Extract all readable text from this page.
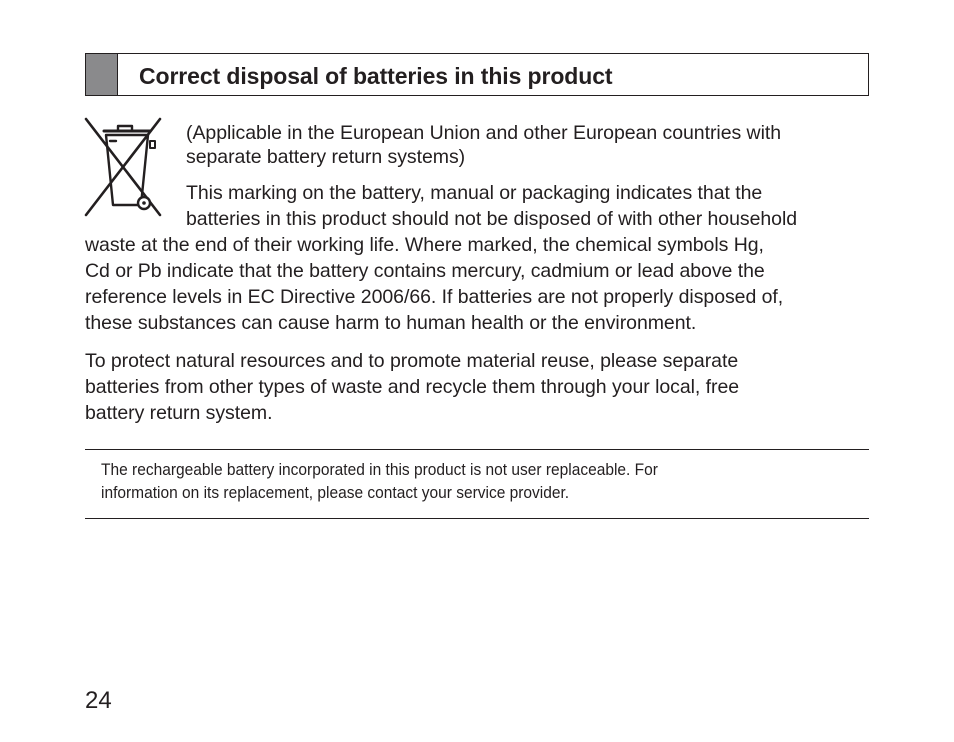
Correct disposal of batteries in this product
(Applicable in the European Union and other European countries with
separate battery return systems)
This marking on the battery, manual or packaging indicates that the
batteries in this product should not be disposed of with other household
waste at the end of their working life. Where marked, the chemical symbols Hg,
Cd or Pb indicate that the battery contains mercury, cadmium or lead above the
reference levels in EC Directive 2006/66. If batteries are not properly disposed of,
these substances can cause harm to human health or the environment.
To protect natural resources and to promote material reuse, please separate
batteries from other types of waste and recycle them through your local, free
battery return system.
The rechargeable battery incorporated in this product is not user replaceable. For
information on its replacement, please contact your service provider.
24
